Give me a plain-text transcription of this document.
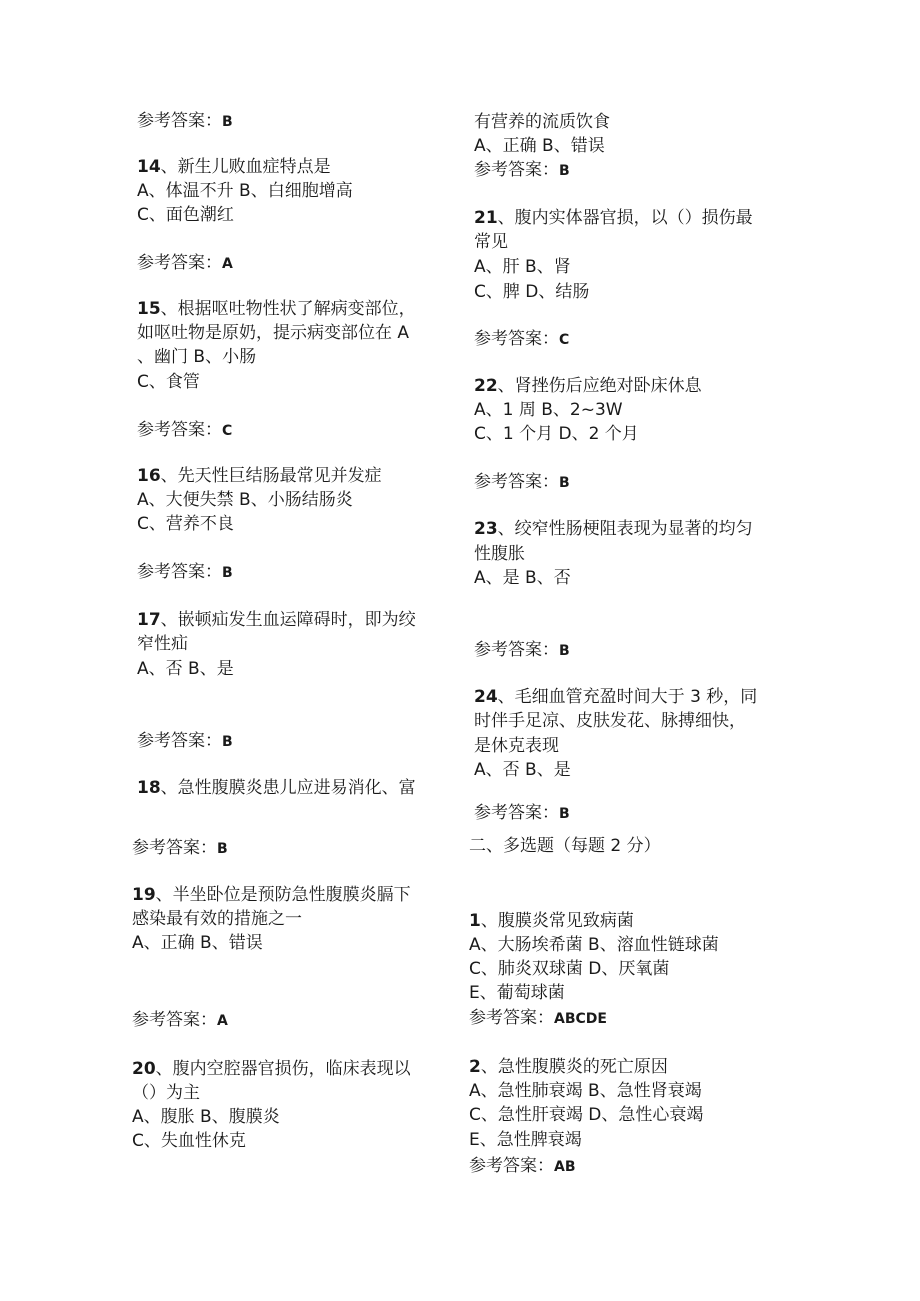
参考答案：B
14、新生儿败血症特点是
A、体温不升 B、白细胞增高
C、面色潮红
参考答案：A
15、根据呕吐物性状了解病变部位，
如呕吐物是原奶，提示病变部位在 A
、幽门 B、小肠
C、食管
参考答案：C
16、先天性巨结肠最常见并发症
A、大便失禁 B、小肠结肠炎
C、营养不良
参考答案：B
17、嵌顿疝发生血运障碍时，即为绞
窄性疝
A、否 B、是
参考答案：B
18、急性腹膜炎患儿应进易消化、富
参考答案：B
19、半坐卧位是预防急性腹膜炎膈下
感染最有效的措施之一
A、正确 B、错误
参考答案：A
20、腹内空腔器官损伤，临床表现以
（）为主
A、腹胀 B、腹膜炎
C、失血性休克
有营养的流质饮食
A、正确 B、错误
参考答案：B
21、腹内实体器官损，以（）损伤最
常见
A、肝 B、肾
C、脾 D、结肠
参考答案：C
22、肾挫伤后应绝对卧床休息
A、1 周 B、2~3W
C、1 个月 D、2 个月
参考答案：B
23、绞窄性肠梗阻表现为显著的均匀
性腹胀
A、是 B、否
参考答案：B
24、毛细血管充盈时间大于 3 秒，同
时伴手足凉、皮肤发花、脉搏细快，
是休克表现
A、否 B、是
参考答案：B
二、多选题（每题 2 分）
1、腹膜炎常见致病菌
A、大肠埃希菌 B、溶血性链球菌
C、肺炎双球菌 D、厌氧菌
E、葡萄球菌
参考答案：ABCDE
2、急性腹膜炎的死亡原因
A、急性肺衰竭 B、急性肾衰竭
C、急性肝衰竭 D、急性心衰竭
E、急性脾衰竭
参考答案：AB
